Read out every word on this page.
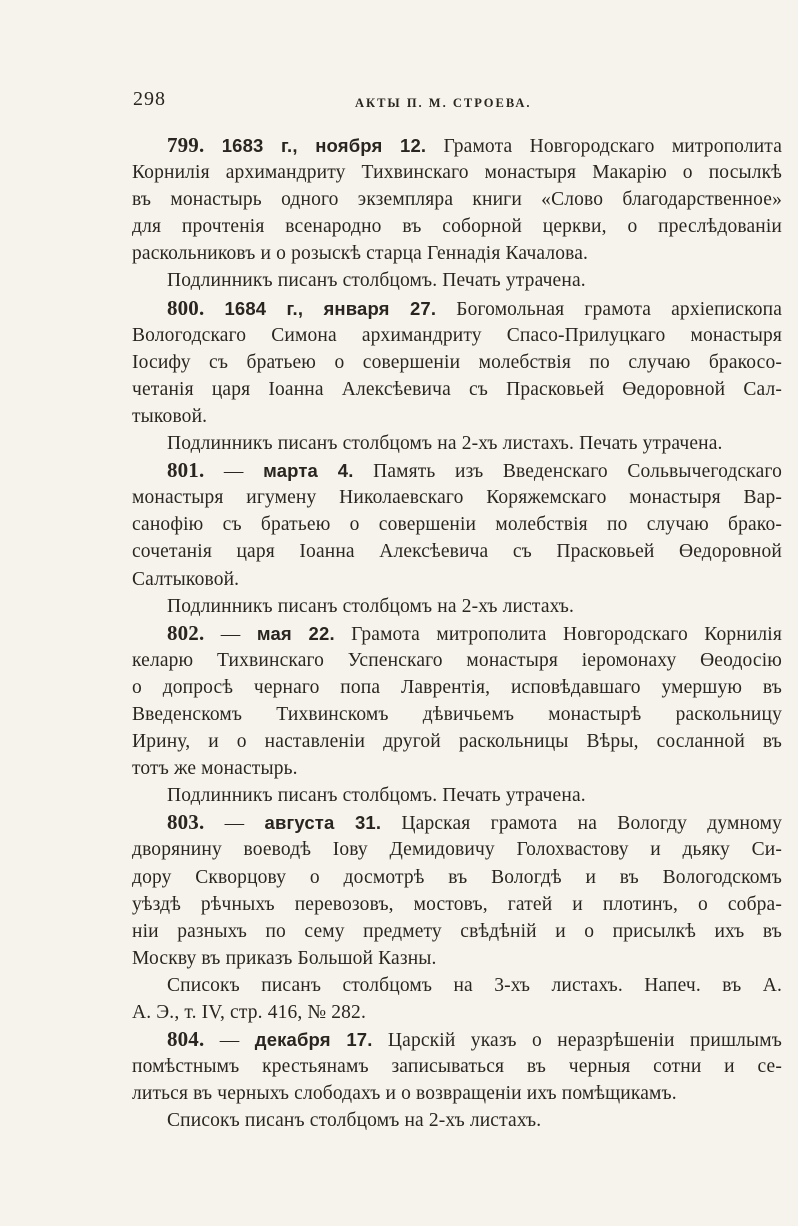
298	АКТЫ П. М. СТРОЕВА.
799. 1683 г., ноября 12. Грамота Новгородскаго митрополита
Корнилія архимандриту Тихвинскаго монастыря Макарію о посылкѣ
въ монастырь одного экземпляра книги «Слово благодарственное»
для прочтенія всенародно въ соборной церкви, о преслѣдованіи
раскольниковъ и о розыскѣ старца Геннадія Качалова.
Подлинникъ писанъ столбцомъ. Печать утрачена.
800. 1684 г., января 27. Богомольная грамота архіепископа
Вологодскаго Симона архимандриту Спасо-Прилуцкаго монастыря
Іосифу съ братьею о совершеніи молебствія по случаю бракосо-
четанія царя Іоанна Алексѣевича съ Прасковьей Өедоровной Сал-
тыковой.
Подлинникъ писанъ столбцомъ на 2-хъ листахъ. Печать утрачена.
801. — марта 4. Память изъ Введенскаго Сольвычегодскаго
монастыря игумену Николаевскаго Коряжемскаго монастыря Вар-
санофію съ братьею о совершеніи молебствія по случаю брако-
сочетанія царя Іоанна Алексѣевича съ Прасковьей Өедоровной
Салтыковой.
Подлинникъ писанъ столбцомъ на 2-хъ листахъ.
802. — мая 22. Грамота митрополита Новгородскаго Корнилія
келарю Тихвинскаго Успенскаго монастыря іеромонаху Өеодосію
о допросѣ чернаго попа Лаврентія, исповѣдавшаго умершую въ
Введенскомъ Тихвинскомъ дѣвичьемъ монастырѣ раскольницу
Ирину, и о наставленіи другой раскольницы Вѣры, сосланной въ
тотъ же монастырь.
Подлинникъ писанъ столбцомъ. Печать утрачена.
803. — августа 31. Царская грамота на Вологду думному
дворянину воеводѣ Іову Демидовичу Голохвастову и дьяку Си-
дору Скворцову о досмотрѣ въ Вологдѣ и въ Вологодскомъ
уѣздѣ рѣчныхъ перевозовъ, мостовъ, гатей и плотинъ, о собра-
ніи разныхъ по сему предмету свѣдѣній и о присылкѣ ихъ въ
Москву въ приказъ Большой Казны.
Списокъ писанъ столбцомъ на 3-хъ листахъ. Напеч. въ А.
А. Э., т. IV, стр. 416, № 282.
804. — декабря 17. Царскій указъ о неразрѣшеніи пришлымъ
помѣстнымъ крестьянамъ записываться въ черныя сотни и се-
литься въ черныхъ слободахъ и о возвращеніи ихъ помѣщикамъ.
Списокъ писанъ столбцомъ на 2-хъ листахъ.
